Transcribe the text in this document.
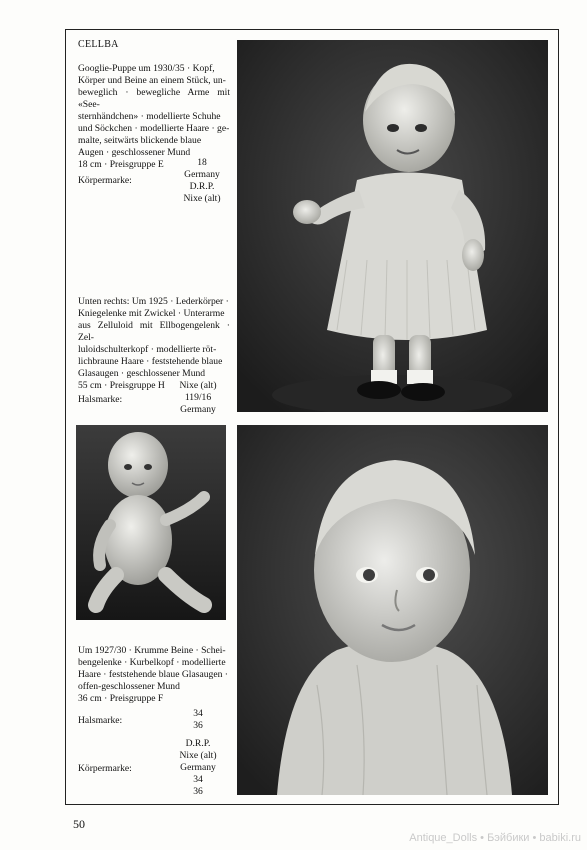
CELLBA
Googlie-Puppe um 1930/35 · Kopf,
Körper und Beine an einem Stück, un-
beweglich · bewegliche Arme mit «See-
sternhändchen» · modellierte Schuhe
und Söckchen · modellierte Haare · ge-
malte, seitwärts blickende blaue
Augen · geschlossener Mund
18 cm · Preisgruppe E
Körpermarke:
18
Germany
D.R.P.
Nixe (alt)
Unten rechts: Um 1925 · Lederkörper ·
Kniegelenke mit Zwickel · Unterarme
aus Zelluloid mit Ellbogengelenk · Zel-
luloidschulterkopf · modellierte röt-
lichbraune Haare · feststehende blaue
Glasaugen · geschlossener Mund
55 cm · Preisgruppe H
Halsmarke:
Nixe (alt)
119/16
Germany
Um 1927/30 · Krumme Beine · Schei-
bengelenke · Kurbelkopf · modellierte
Haare · feststehende blaue Glasaugen ·
offen-geschlossener Mund
36 cm · Preisgruppe F
Halsmarke:
34
36
Körpermarke:
D.R.P.
Nixe (alt)
Germany
34
36
50
Antique_Dolls • Бэйбики • babiki.ru
